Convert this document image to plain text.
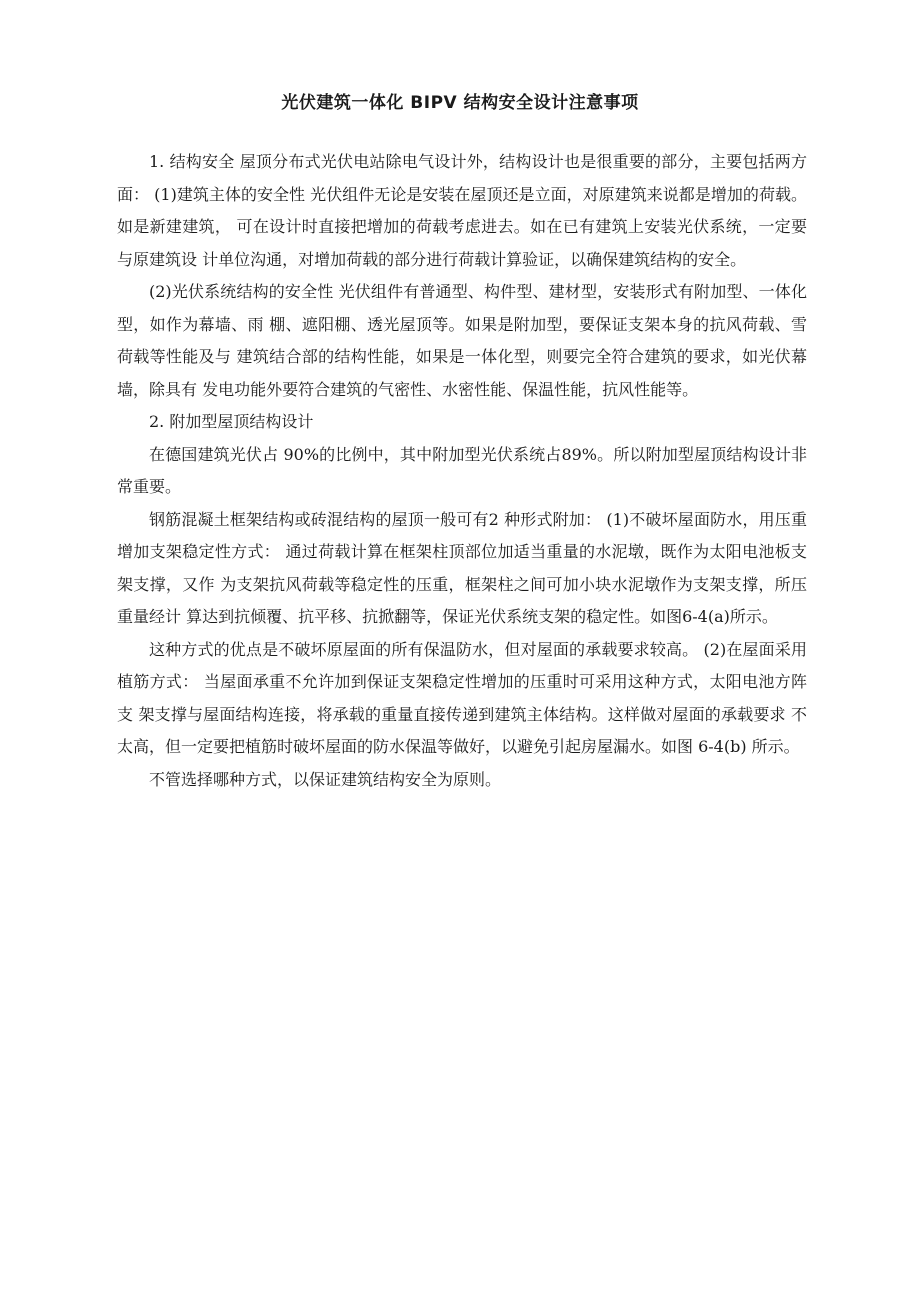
光伏建筑一体化 BIPV 结构安全设计注意事项

1. 结构安全 屋顶分布式光伏电站除电气设计外，结构设计也是很重要的部分，主要包括两方面： (1)建筑主体的安全性 光伏组件无论是安装在屋顶还是立面，对原建筑来说都是增加的荷载。如是新建建筑， 可在设计时直接把增加的荷载考虑进去。如在已有建筑上安装光伏系统，一定要与原建筑设 计单位沟通，对增加荷载的部分进行荷载计算验证，以确保建筑结构的安全。

(2)光伏系统结构的安全性 光伏组件有普通型、构件型、建材型，安装形式有附加型、一体化型，如作为幕墙、雨 棚、遮阳棚、透光屋顶等。如果是附加型，要保证支架本身的抗风荷载、雪荷载等性能及与 建筑结合部的结构性能，如果是一体化型，则要完全符合建筑的要求，如光伏幕墙，除具有 发电功能外要符合建筑的气密性、水密性能、保温性能，抗风性能等。

2. 附加型屋顶结构设计

在德国建筑光伏占 90%的比例中，其中附加型光伏系统占89%。所以附加型屋顶结构设计非常重要。

钢筋混凝土框架结构或砖混结构的屋顶一般可有2 种形式附加： (1)不破坏屋面防水，用压重增加支架稳定性方式： 通过荷载计算在框架柱顶部位加适当重量的水泥墩，既作为太阳电池板支架支撑，又作 为支架抗风荷载等稳定性的压重，框架柱之间可加小块水泥墩作为支架支撑，所压重量经计 算达到抗倾覆、抗平移、抗掀翻等，保证光伏系统支架的稳定性。如图6-4(a)所示。

这种方式的优点是不破坏原屋面的所有保温防水，但对屋面的承载要求较高。 (2)在屋面采用植筋方式： 当屋面承重不允许加到保证支架稳定性增加的压重时可采用这种方式，太阳电池方阵支 架支撑与屋面结构连接，将承载的重量直接传递到建筑主体结构。这样做对屋面的承载要求 不太高，但一定要把植筋时破坏屋面的防水保温等做好，以避免引起房屋漏水。如图 6-4(b) 所示。

不管选择哪种方式，以保证建筑结构安全为原则。
